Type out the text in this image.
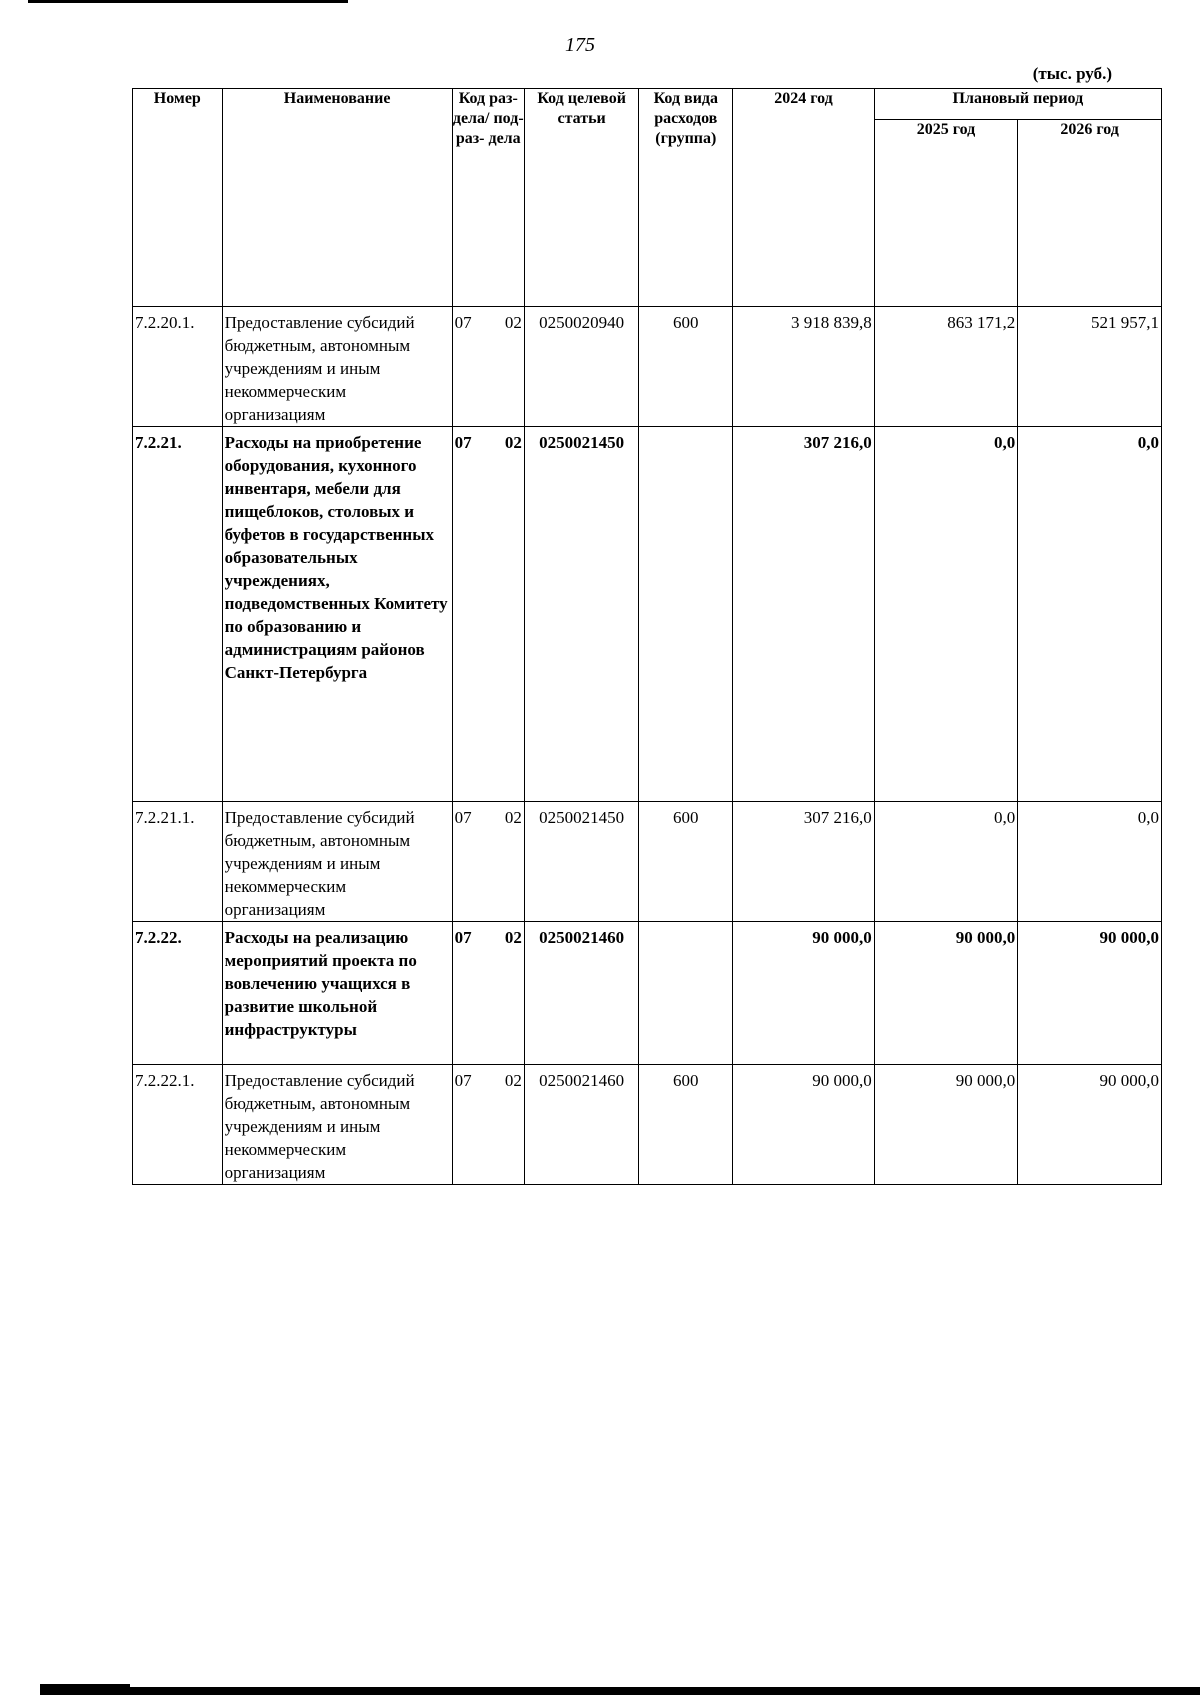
175
(тыс. руб.)
Номер	Наименование	Код раз- дела/ под- раз- дела	Код целевой статьи	Код вида расходов (группа)	2024 год	Плановый период	
						2025 год	2026 год
7.2.20.1.	Предоставление субсидий бюджетным, автономным учреждениям и иным некоммерческим организациям	07 02	0250020940	600	3 918 839,8	863 171,2	521 957,1
7.2.21.	Расходы на приобретение оборудования, кухонного инвентаря, мебели для пищеблоков, столовых и буфетов в государственных образовательных учреждениях, подведомственных Комитету по образованию и администрациям районов Санкт-Петербурга	07 02	0250021450		307 216,0	0,0	0,0
7.2.21.1.	Предоставление субсидий бюджетным, автономным учреждениям и иным некоммерческим организациям	07 02	0250021450	600	307 216,0	0,0	0,0
7.2.22.	Расходы на реализацию мероприятий проекта по вовлечению учащихся в развитие школьной инфраструктуры	07 02	0250021460		90 000,0	90 000,0	90 000,0
7.2.22.1.	Предоставление субсидий бюджетным, автономным учреждениям и иным некоммерческим организациям	07 02	0250021460	600	90 000,0	90 000,0	90 000,0
